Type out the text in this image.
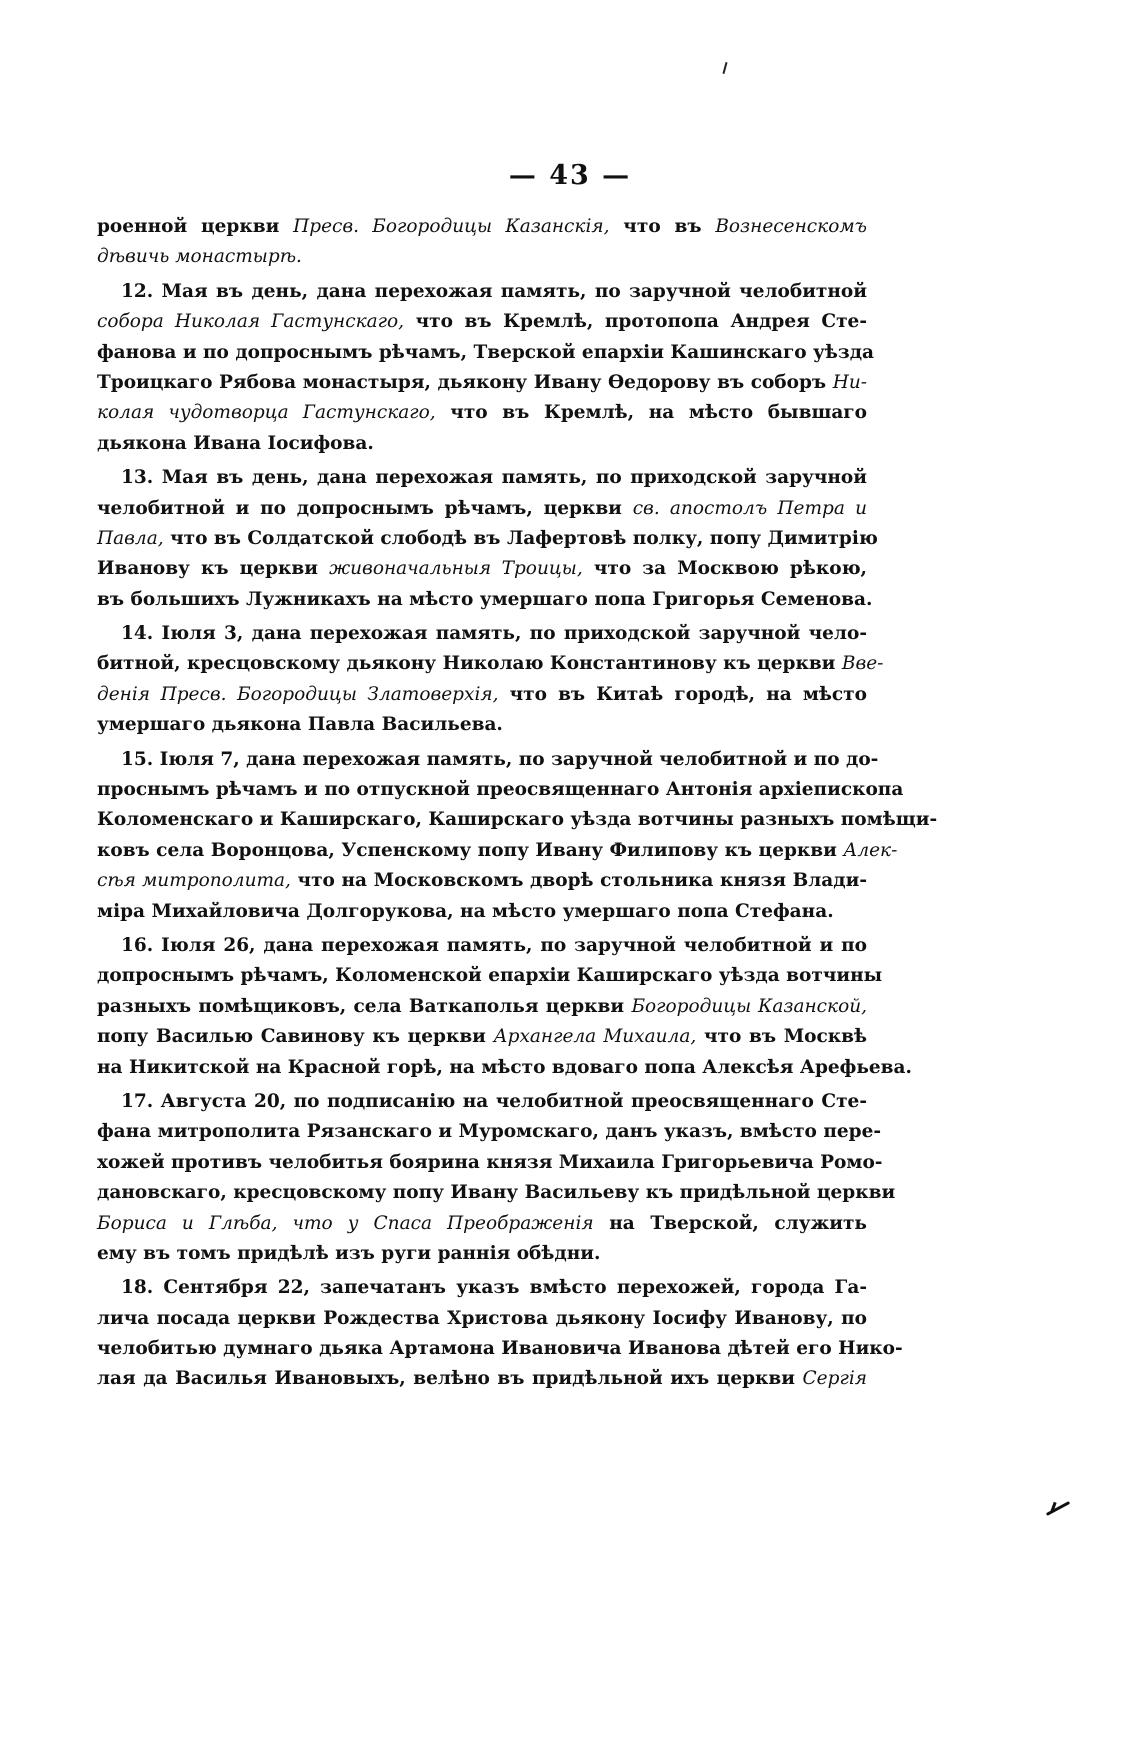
— 43 —
роенной церкви Пресв. Богородицы Казанскія, что въ Вознесенскомъ
дѣвичь монастырѣ.
12. Мая въ день, дана перехожая память, по заручной челобитной
собора Николая Гастунскаго, что въ Кремлѣ, протопопа Андрея Сте-
фанова и по допроснымъ рѣчамъ, Тверской епархіи Кашинскаго уѣзда
Троицкаго Рябова монастыря, дьякону Ивану Ѳедорову въ соборъ Ни-
колая чудотворца Гастунскаго, что въ Кремлѣ, на мѣсто бывшаго
дьякона Ивана Іосифова.
13. Мая въ день, дана перехожая память, по приходской заручной
челобитной и по допроснымъ рѣчамъ, церкви св. апостолъ Петра и
Павла, что въ Солдатской слободѣ въ Лафертовѣ полку, попу Димитрію
Иванову къ церкви живоначальныя Троицы, что за Москвою рѣкою,
въ большихъ Лужникахъ на мѣсто умершаго попа Григорья Семенова.
14. Іюля 3, дана перехожая память, по приходской заручной чело-
битной, кресцовскому дьякону Николаю Константинову къ церкви Вве-
денія Пресв. Богородицы Златоверхія, что въ Китаѣ городѣ, на мѣсто
умершаго дьякона Павла Васильева.
15. Іюля 7, дана перехожая память, по заручной челобитной и по до-
проснымъ рѣчамъ и по отпускной преосвященнаго Антонія архіепископа
Коломенскаго и Каширскаго, Каширскаго уѣзда вотчины разныхъ помѣщи-
ковъ села Воронцова, Успенскому попу Ивану Филипову къ церкви Алек-
сѣя митрополита, что на Московскомъ дворѣ стольника князя Влади-
міра Михайловича Долгорукова, на мѣсто умершаго попа Стефана.
16. Іюля 26, дана перехожая память, по заручной челобитной и по
допроснымъ рѣчамъ, Коломенской епархіи Каширскаго уѣзда вотчины
разныхъ помѣщиковъ, села Ваткаполья церкви Богородицы Казанской,
попу Василью Савинову къ церкви Архангела Михаила, что въ Москвѣ
на Никитской на Красной горѣ, на мѣсто вдоваго попа Алексѣя Арефьева.
17. Августа 20, по подписанію на челобитной преосвященнаго Сте-
фана митрополита Рязанскаго и Муромскаго, данъ указъ, вмѣсто пере-
хожей противъ челобитья боярина князя Михаила Григорьевича Ромо-
дановскаго, кресцовскому попу Ивану Васильеву къ придѣльной церкви
Бориса и Глѣба, что у Спаса Преображенія на Тверской, служить
ему въ томъ придѣлѣ изъ руги раннія обѣдни.
18. Сентября 22, запечатанъ указъ вмѣсто перехожей, города Га-
лича посада церкви Рождества Христова дьякону Іосифу Иванову, по
челобитью думнаго дьяка Артамона Ивановича Иванова дѣтей его Нико-
лая да Василья Ивановыхъ, велѣно въ придѣльной ихъ церкви Сергія
